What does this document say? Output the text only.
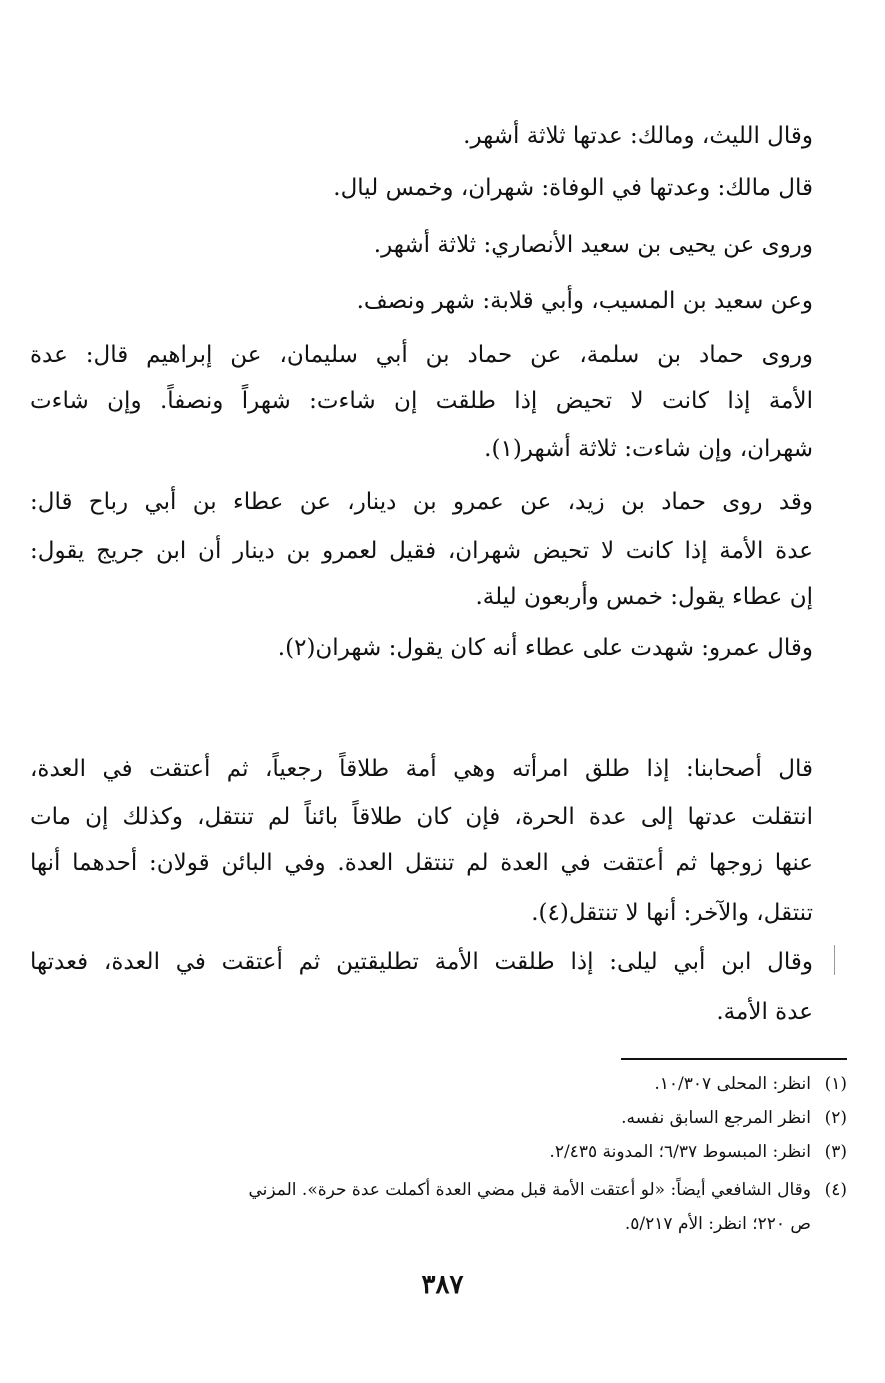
وقال الليث، ومالك: عدتها ثلاثة أشهر.
قال مالك: وعدتها في الوفاة: شهران، وخمس ليال.
وروى عن يحيى بن سعيد الأنصاري: ثلاثة أشهر.
وعن سعيد بن المسيب، وأبي قلابة: شهر ونصف.
وروى حماد بن سلمة، عن حماد بن أبي سليمان، عن إبراهيم قال: عدة
الأمة إذا كانت لا تحيض إذا طلقت إن شاءت: شهراً ونصفاً. وإن شاءت
شهران، وإن شاءت: ثلاثة أشهر(١).
وقد روى حماد بن زيد، عن عمرو بن دينار، عن عطاء بن أبي رباح قال:
عدة الأمة إذا كانت لا تحيض شهران، فقيل لعمرو بن دينار أن ابن جريج يقول:
إن عطاء يقول: خمس وأربعون ليلة.
وقال عمرو: شهدت على عطاء أنه كان يقول: شهران(٢).
قال أصحابنا: إذا طلق امرأته وهي أمة طلاقاً رجعياً، ثم أعتقت في العدة،
انتقلت عدتها إلى عدة الحرة، فإن كان طلاقاً بائناً لم تنتقل، وكذلك إن مات
عنها زوجها ثم أعتقت في العدة لم تنتقل العدة. وفي البائن قولان: أحدهما أنها
تنتقل، والآخر: أنها لا تنتقل(٤).
وقال ابن أبي ليلى: إذا طلقت الأمة تطليقتين ثم أعتقت في العدة، فعدتها
عدة الأمة.
(١)انظر: المحلى ١٠/٣٠٧.
(٢)انظر المرجع السابق نفسه.
(٣)انظر: المبسوط ٦/٣٧؛ المدونة ٢/٤٣٥.
(٤)وقال الشافعي أيضاً: «لو أعتقت الأمة قبل مضي العدة أكملت عدة حرة». المزني
ص ٢٢٠؛ انظر: الأم ٥/٢١٧.
٣٨٧
